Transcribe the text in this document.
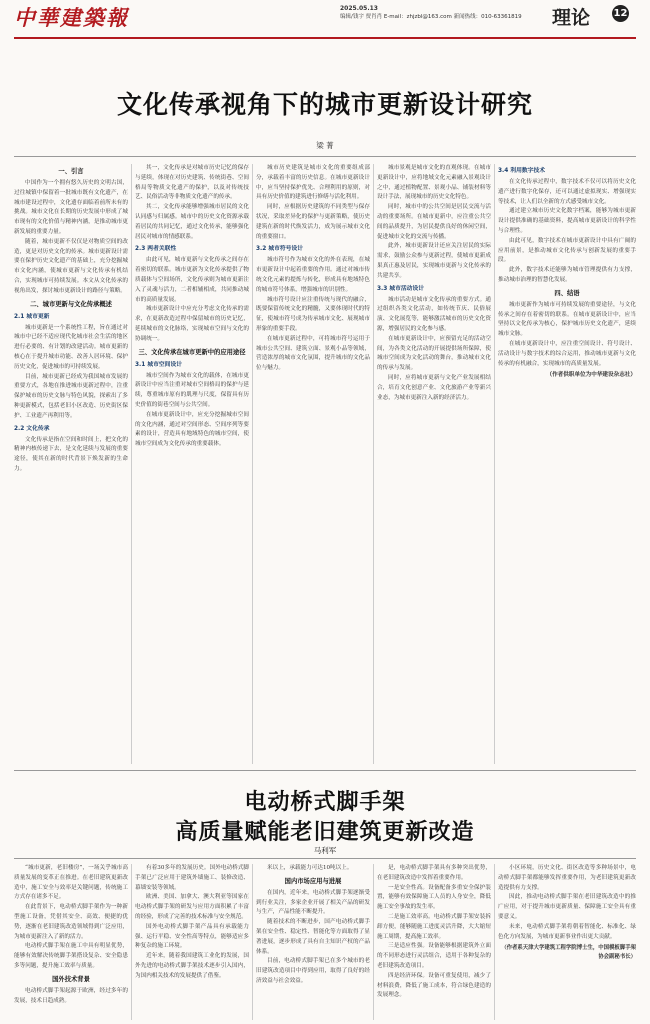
中華建築報	2025.05.13
编辑/钱宇 贾肖肖 E-mail：zhjzbl@163.com 新闻热线：010-63361819 理论 12
文化传承视角下的城市更新设计研究
梁 菁
一、引言

中国作为一个拥有悠久历史的文明古国，过往城镇中保留着一批城市既有文化遗产，在城市建设过程中，文化遗存面临着前所未有的挑战。城市文化在长期的历史发展中形成了城市现有的文化价值与精神内涵，是推动城市更新发展的重要力量。

随着，城市更新不仅仅是对物质空间的改造，更是对历史文化的传承。城市更新设计需要在保护历史文化遗产的基础上，充分挖掘城市文化内涵，使城市更新与文化传承有机结合，实现城市可持续发展。本文从文化传承的视角出发，探讨城市更新设计的路径与策略。

二、城市更新与文化传承概述
2.1 城市更新

城市更新是一个系统性工程，旨在通过对城市中已经不适应现代化城市社会生活的地区进行必要的、有计划的改建活动。城市更新的核心在于提升城市功能、改善人居环境、保护历史文化，促进城市的可持续发展。

目前，城市更新已经成为我国城市发展的重要方式，各地在推进城市更新过程中，注重保护城市的历史文脉与特色风貌，探索出了多种更新模式，包括老旧小区改造、历史街区保护、工业遗产再利用等。

2.2 文化传承

文化传承是指在空间和时间上，把文化的精神内核传递下去，是文化延续与发展的重要途径，使其在新的时代背景下焕发新的生命力。

其一，文化传承是对城市历史记忆的保存与延续，体现在对历史建筑、传统街巷、空间格局等物质文化遗产的保护，以及对传统技艺、民俗活动等非物质文化遗产的传承。

其二，文化传承能够增强城市居民的文化认同感与归属感。城市中的历史文化资源承载着居民的共同记忆，通过文化传承，能够强化居民对城市的情感联系。

2.3 两者关联性

由此可见，城市更新与文化传承之间存在着密切的联系。城市更新为文化传承提供了物质载体与空间场所，文化传承则为城市更新注入了灵魂与活力，二者相辅相成，共同推动城市的高质量发展。

城市更新设计中应充分考虑文化传承的需求，在更新改造过程中保留城市的历史记忆，延续城市的文化脉络，实现城市空间与文化的协调统一。

三、文化传承在城市更新中的应用途径
3.1 城市空间设计

城市空间作为城市文化的载体，在城市更新设计中应当注重对城市空间格局的保护与延续，尊重城市原有的肌理与尺度，保留具有历史价值的街巷空间与公共空间。

在城市更新设计中，应充分挖掘城市空间的文化内涵，通过对空间形态、空间序列等要素的设计，营造具有地域特色的城市空间，使城市空间成为文化传承的重要载体。

城市历史建筑是城市文化的重要组成部分，承载着丰富的历史信息。在城市更新设计中，应当坚持保护优先、合理利用的原则，对具有历史价值的建筑进行修缮与活化利用。

同时，应根据历史建筑的不同类型与保存状况，采取差异化的保护与更新策略，使历史建筑在新的时代焕发活力，成为展示城市文化的重要窗口。

3.2 城市符号设计

城市符号作为城市文化的外在表现，在城市更新设计中起着重要的作用。通过对城市传统文化元素的提炼与转化，形成具有地域特色的城市符号体系，增强城市的识别性。

城市符号设计应注重传统与现代的融合，既要保留传统文化的精髓，又要体现时代的特征，使城市符号成为传承城市文化、展现城市形象的重要手段。

在城市更新过程中，可将城市符号运用于城市公共空间、建筑立面、景观小品等领域，营造浓厚的城市文化氛围，提升城市的文化品位与魅力。

城市景观是城市文化的直观体现。在城市更新设计中，应将地域文化元素融入景观设计之中，通过植物配置、景观小品、铺装材料等设计手法，展现城市的历史文化特色。

同时，城市中的公共空间是居民交流与活动的重要场所。在城市更新中，应注重公共空间的品质提升，为居民提供良好的休闲空间，促进城市文化的交流与传播。

此外，城市更新设计还应关注居民的实际需求，鼓励公众参与更新过程，使城市更新成果真正惠及居民，实现城市更新与文化传承的共建共享。

3.3 城市活动设计

城市活动是城市文化传承的重要方式。通过组织各类文化活动，如传统节庆、民俗展演、文化展览等，能够激活城市的历史文化资源，增强居民的文化参与感。

在城市更新设计中，应预留充足的活动空间，为各类文化活动的开展提供场所保障，使城市空间成为文化活动的舞台，推动城市文化的传承与发展。

同时，应将城市更新与文化产业发展相结合，培育文化创意产业、文化旅游产业等新兴业态，为城市更新注入新的经济活力。

3.4 利用数字技术

在文化传承过程中，数字技术不仅可以将历史文化遗产进行数字化保存，还可以通过虚拟现实、增强现实等技术，让人们以全新的方式感受城市文化。

通过建立城市历史文化数字档案，能够为城市更新设计提供准确的基础资料，提高城市更新设计的科学性与合理性。

由此可见，数字技术在城市更新设计中具有广阔的应用前景，是推动城市文化传承与创新发展的重要手段。

此外，数字技术还能够为城市管理提供有力支撑，推动城市治理的智慧化发展。

四、结语

城市更新作为城市可持续发展的重要途径，与文化传承之间存在着密切的联系。在城市更新设计中，应当坚持以文化传承为核心，保护城市历史文化遗产，延续城市文脉。

在城市更新设计中，应注重空间设计、符号设计、活动设计与数字技术的综合运用，推动城市更新与文化传承的有机融合，实现城市的高质量发展。

（作者供职单位为中华建设杂志社）
电动桥式脚手架
高质量赋能老旧建筑更新改造
马利军

“城市更新，老旧楼房”，一场关乎城市高质量发展的变革正在推进。在老旧建筑更新改造中，施工安全与效率是关键问题，传统施工方式存在诸多不足。

在此背景下，电动桥式脚手架作为一种新型施工设备，凭借其安全、高效、便捷的优势，逐渐在老旧建筑改造领域得到广泛应用，为城市更新注入了新的活力。

电动桥式脚手架在施工中具有明显优势，能够有效解决传统脚手架搭设复杂、安全隐患多等问题，提升施工效率与质量。

国外技术背景

电动桥式脚手架起源于欧洲，经过多年的发展，技术日趋成熟。

有着30多年的发展历史。国外电动桥式脚手架已广泛应用于建筑外墙施工、装修改造、幕墙安装等领域。

欧洲、美国、加拿大、澳大利亚等国家在电动桥式脚手架的研发与应用方面积累了丰富的经验，形成了完善的技术标准与安全规范。

国外电动桥式脚手架产品具有承载能力强、运行平稳、安全性高等特点，能够适应多种复杂的施工环境。

近年来，随着我国建筑工业化的发展，国外先进的电动桥式脚手架技术逐步引入国内，为国内相关技术的发展提供了借鉴。

米以上，承载能力可达10吨以上。

国内市场应用与进展

在国内，近年来，电动桥式脚手架逐渐受到行业关注，多家企业开展了相关产品的研发与生产，产品性能不断提升。

随着技术的不断进步，国产电动桥式脚手架在安全性、稳定性、智能化等方面取得了显著进展，逐步形成了具有自主知识产权的产品体系。

目前，电动桥式脚手架已在多个城市的老旧建筑改造项目中得到应用，取得了良好的经济效益与社会效益。

是，电动桥式脚手架具有多种突出优势，在老旧建筑改造中发挥着重要作用。

一是安全性高。设备配备多重安全保护装置，能够有效保障施工人员的人身安全，降低施工安全事故的发生率。

二是施工效率高。电动桥式脚手架安装拆卸方便，能够随施工进度灵活升降，大大缩短施工周期，提高施工效率。

三是适应性强。设备能够根据建筑外立面的不同形态进行灵活组合，适用于各种复杂的老旧建筑改造项目。

四是经济环保。设备可重复使用，减少了材料浪费，降低了施工成本，符合绿色建造的发展理念。

小区环境，历史文化、街区改造等多种场景中，电动桥式脚手架都能够发挥重要作用，为老旧建筑更新改造提供有力支撑。

因此，推动电动桥式脚手架在老旧建筑改造中的推广应用，对于提升城市更新质量、保障施工安全具有重要意义。

未来，电动桥式脚手架将朝着智能化、标准化、绿色化方向发展，为城市更新事业作出更大贡献。

（作者系天津大学建筑工程学院博士生，中国模板脚手架协会副秘书长）
